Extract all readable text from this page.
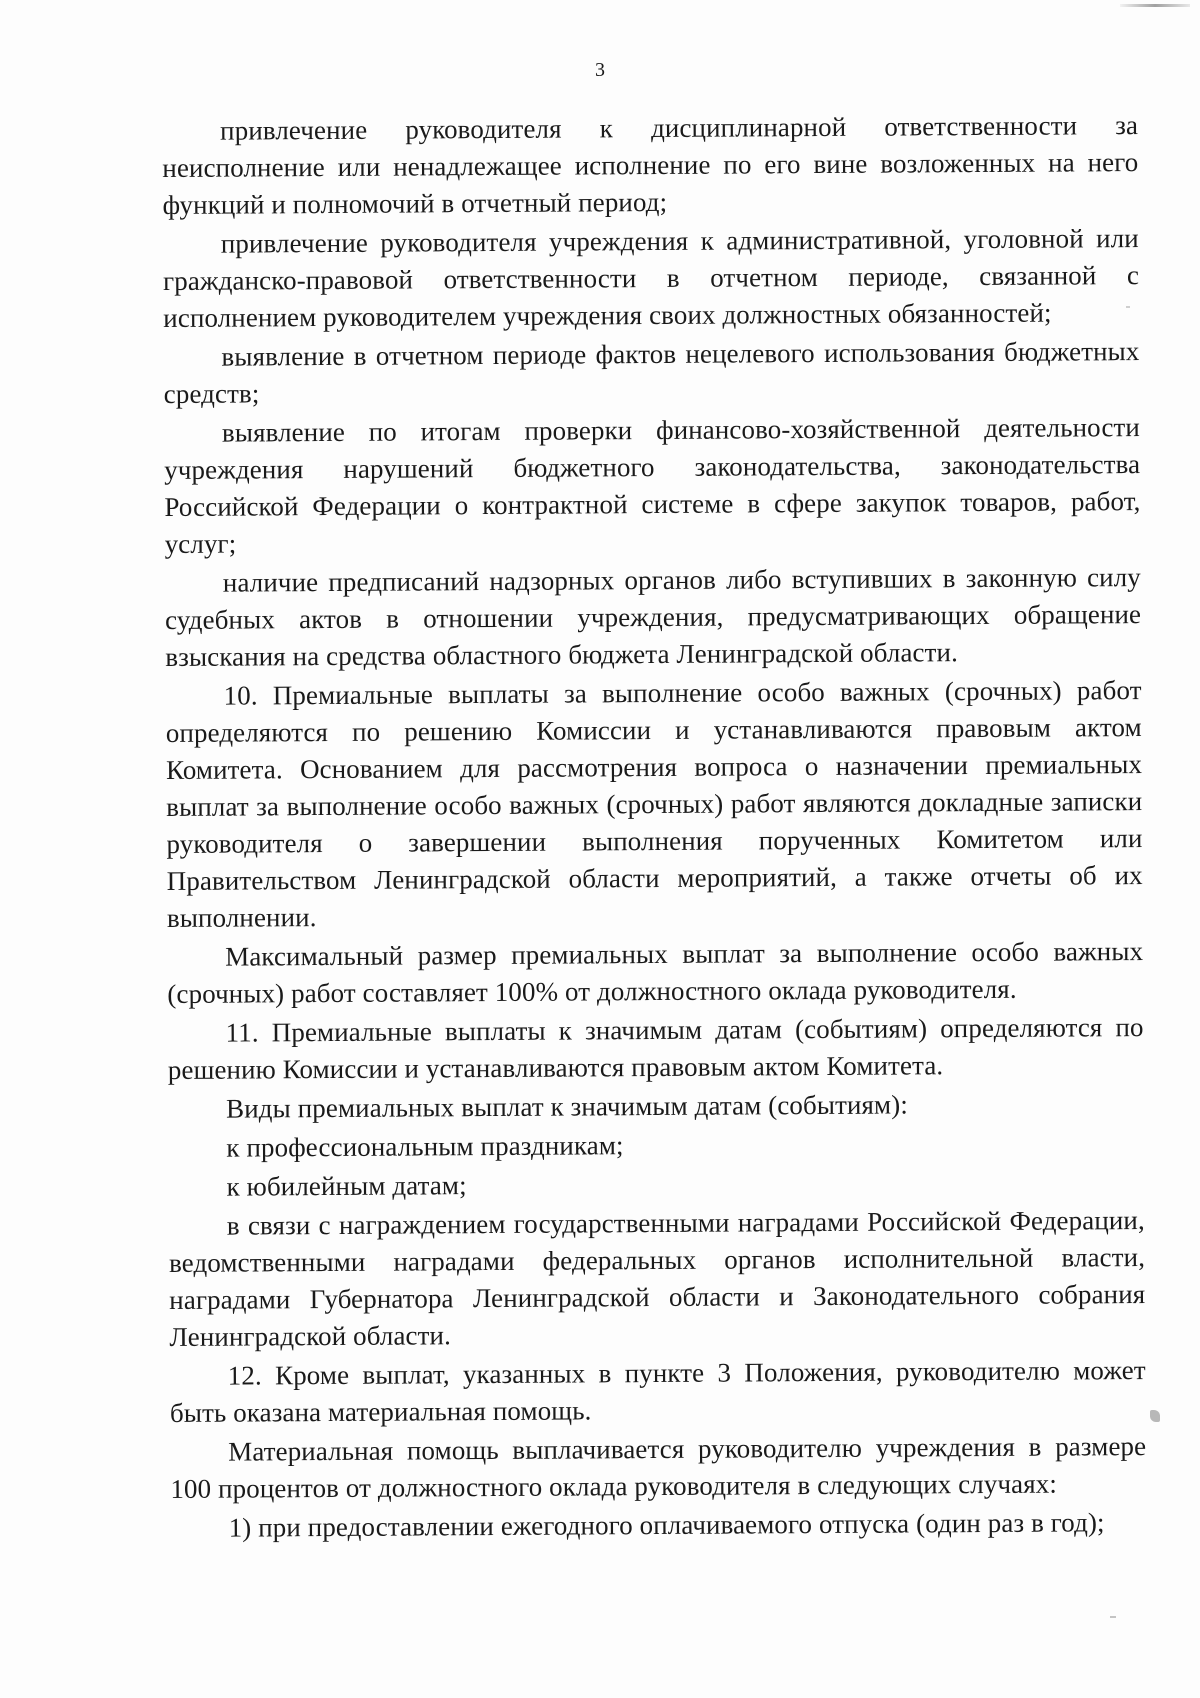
3

привлечение руководителя к дисциплинарной ответственности за неисполнение или ненадлежащее исполнение по его вине возложенных на него функций и полномочий в отчетный период;

привлечение руководителя учреждения к административной, уголовной или гражданско-правовой ответственности в отчетном периоде, связанной с исполнением руководителем учреждения своих должностных обязанностей;

выявление в отчетном периоде фактов нецелевого использования бюджетных средств;

выявление по итогам проверки финансово-хозяйственной деятельности учреждения нарушений бюджетного законодательства, законодательства Российской Федерации о контрактной системе в сфере закупок товаров, работ, услуг;

наличие предписаний надзорных органов либо вступивших в законную силу судебных актов в отношении учреждения, предусматривающих обращение взыскания на средства областного бюджета Ленинградской области.

10. Премиальные выплаты за выполнение особо важных (срочных) работ определяются по решению Комиссии и устанавливаются правовым актом Комитета. Основанием для рассмотрения вопроса о назначении премиальных выплат за выполнение особо важных (срочных) работ являются докладные записки руководителя о завершении выполнения порученных Комитетом или Правительством Ленинградской области мероприятий, а также отчеты об их выполнении.

Максимальный размер премиальных выплат за выполнение особо важных (срочных) работ составляет 100% от должностного оклада руководителя.

11. Премиальные выплаты к значимым датам (событиям) определяются по решению Комиссии и устанавливаются правовым актом Комитета.

Виды премиальных выплат к значимым датам (событиям):

к профессиональным праздникам;

к юбилейным датам;

в связи с награждением государственными наградами Российской Федерации, ведомственными наградами федеральных органов исполнительной власти, наградами Губернатора Ленинградской области и Законодательного собрания Ленинградской области.

12. Кроме выплат, указанных в пункте 3 Положения, руководителю может быть оказана материальная помощь.

Материальная помощь выплачивается руководителю учреждения в размере 100 процентов от должностного оклада руководителя в следующих случаях:

1) при предоставлении ежегодного оплачиваемого отпуска (один раз в год);
